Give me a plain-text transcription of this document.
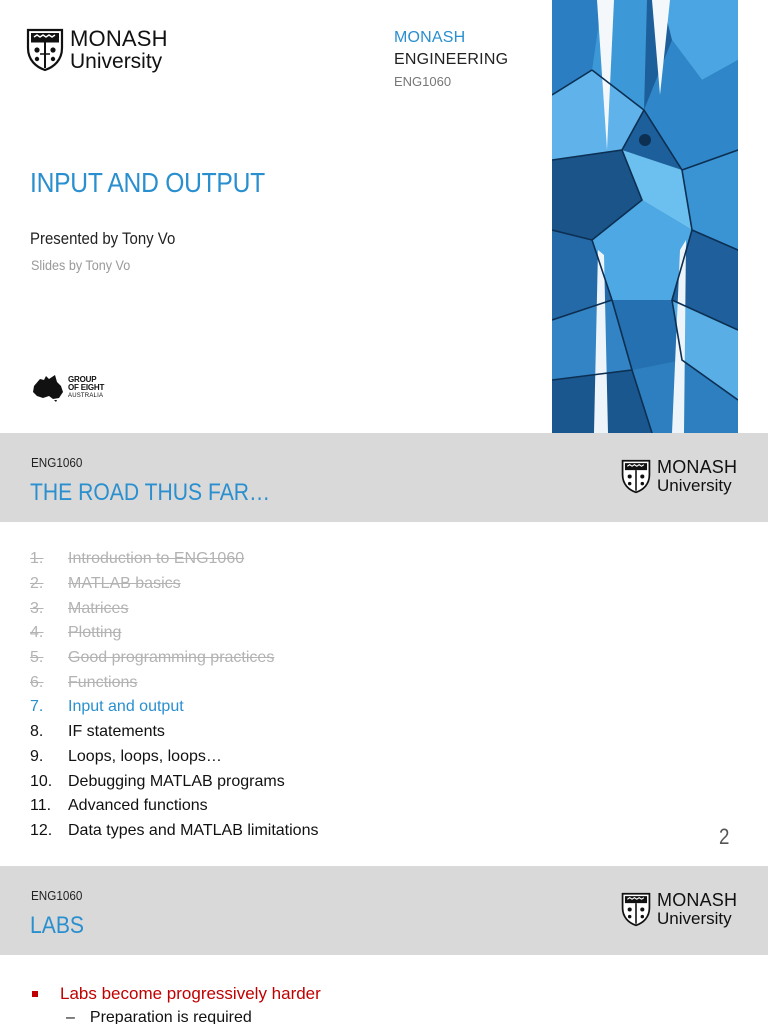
MONASH
University
MONASH
ENGINEERING
ENG1060
INPUT AND OUTPUT
Presented by Tony Vo
Slides by Tony Vo
GROUP
OF EIGHT
AUSTRALIA
ENG1060
THE ROAD THUS FAR…
MONASH
University
1.	Introduction to ENG1060
2.	MATLAB basics
3.	Matrices
4.	Plotting
5.	Good programming practices
6.	Functions
7.	Input and output
8.	IF statements
9.	Loops, loops, loops…
10. Debugging MATLAB programs
11.	Advanced functions
12. Data types and MATLAB limitations	2
ENG1060
LABS
MONASH
University
Labs become progressively harder
– Preparation is required
